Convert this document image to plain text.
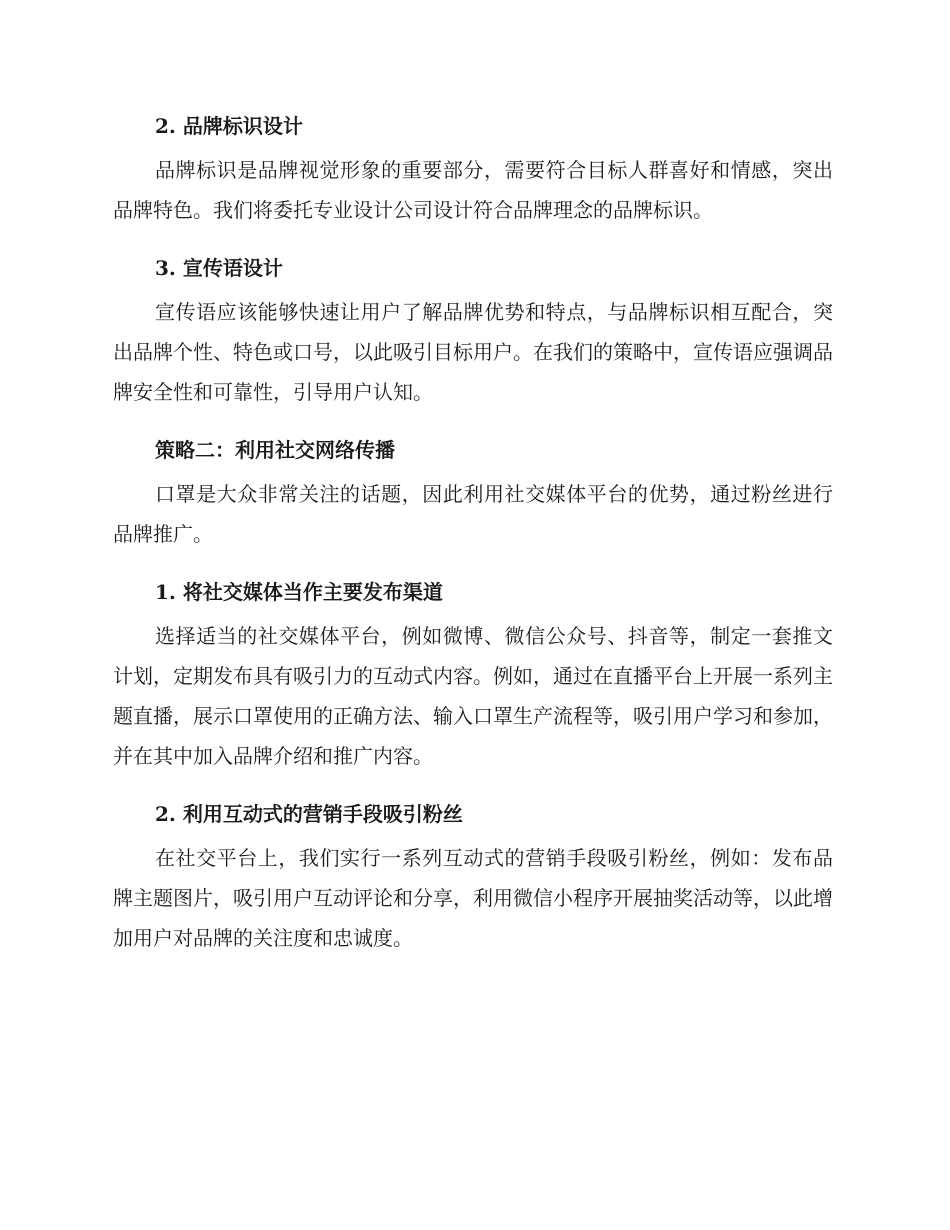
2. 品牌标识设计

品牌标识是品牌视觉形象的重要部分，需要符合目标人群喜好和情感，突出品牌特色。我们将委托专业设计公司设计符合品牌理念的品牌标识。

3. 宣传语设计

宣传语应该能够快速让用户了解品牌优势和特点，与品牌标识相互配合，突出品牌个性、特色或口号，以此吸引目标用户。在我们的策略中，宣传语应强调品牌安全性和可靠性，引导用户认知。

策略二：利用社交网络传播

口罩是大众非常关注的话题，因此利用社交媒体平台的优势，通过粉丝进行品牌推广。

1. 将社交媒体当作主要发布渠道

选择适当的社交媒体平台，例如微博、微信公众号、抖音等，制定一套推文计划，定期发布具有吸引力的互动式内容。例如，通过在直播平台上开展一系列主题直播，展示口罩使用的正确方法、输入口罩生产流程等，吸引用户学习和参加，并在其中加入品牌介绍和推广内容。

2. 利用互动式的营销手段吸引粉丝

在社交平台上，我们实行一系列互动式的营销手段吸引粉丝，例如：发布品牌主题图片，吸引用户互动评论和分享，利用微信小程序开展抽奖活动等，以此增加用户对品牌的关注度和忠诚度。
